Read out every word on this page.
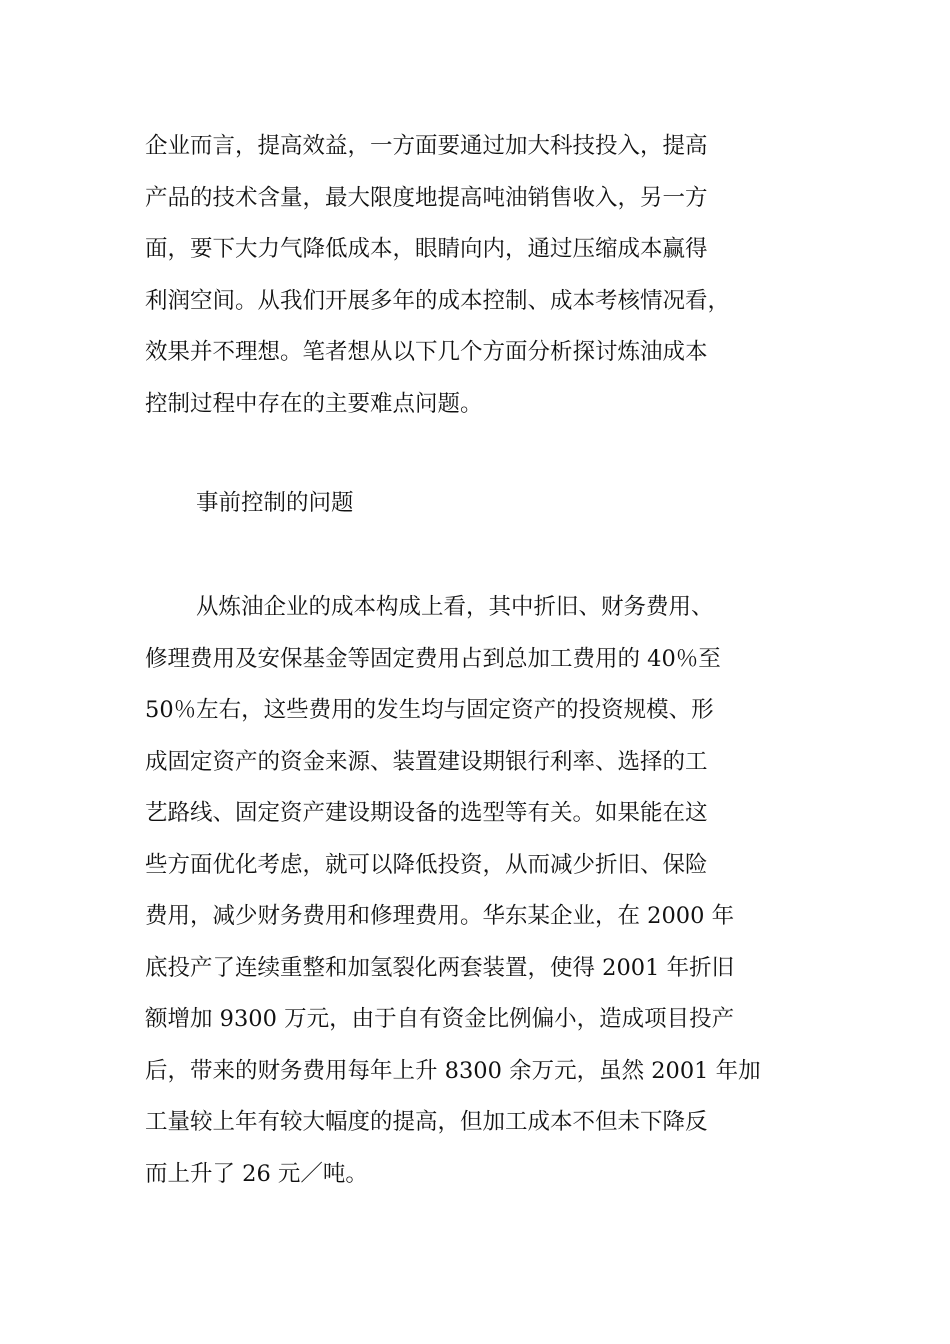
企业而言，提高效益，一方面要通过加大科技投入，提高
产品的技术含量，最大限度地提高吨油销售收入，另一方
面，要下大力气降低成本，眼睛向内，通过压缩成本赢得
利润空间。从我们开展多年的成本控制、成本考核情况看，
效果并不理想。笔者想从以下几个方面分析探讨炼油成本
控制过程中存在的主要难点问题。
事前控制的问题
从炼油企业的成本构成上看，其中折旧、财务费用、
修理费用及安保基金等固定费用占到总加工费用的 40％至
50％左右，这些费用的发生均与固定资产的投资规模、形
成固定资产的资金来源、装置建设期银行利率、选择的工
艺路线、固定资产建设期设备的选型等有关。如果能在这
些方面优化考虑，就可以降低投资，从而减少折旧、保险
费用，减少财务费用和修理费用。华东某企业，在 2000 年
底投产了连续重整和加氢裂化两套装置，使得 2001 年折旧
额增加 9300 万元，由于自有资金比例偏小，造成项目投产
后，带来的财务费用每年上升 8300 余万元，虽然 2001 年加
工量较上年有较大幅度的提高，但加工成本不但未下降反
而上升了 26 元／吨。
